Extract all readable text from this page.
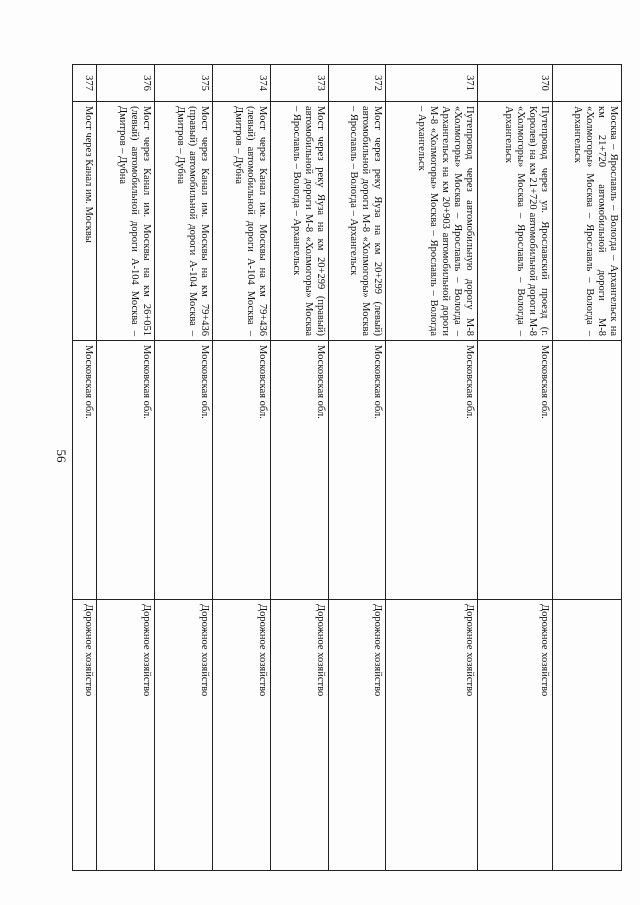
56
	Москва – Ярославль – Вологда – Архангельск на км 21+720 автомобильной дороги М-8 «Холмогоры» Москва – Ярославль – Вологда – Архангельск		
370	Путепровод через ул. Ярославский проезд (г. Королев) на км 21+720 автомобильной дороги М-8 «Холмогоры» Москва – Ярославль – Вологда – Архангельск	Московская обл.	Дорожное хозяйство
371	Путепровод через автомобильную дорогу М-8 «Холмогоры» Москва – Ярославль – Вологда – Архангельск на км 20+903 автомобильной дороги М-8 «Холмогоры» Москва – Ярославль – Вологда – Архангельск	Московская обл.	Дорожное хозяйство
372	Мост через реку Яуза на км 20+299 (левый) автомобильной дороги М-8 «Холмогоры» Москва – Ярославль – Вологда – Архангельск	Московская обл.	Дорожное хозяйство
373	Мост через реку Яуза на км 20+299 (правый) автомобильной дороги М-8 «Холмогоры» Москва – Ярославль – Вологда – Архангельск	Московская обл.	Дорожное хозяйство
374	Мост через Канал им. Москвы на км 79+436 (левый) автомобильной дороги А-104 Москва – Дмитров – Дубна	Московская обл.	Дорожное хозяйство
375	Мост через Канал им. Москвы на км 79+436 (правый) автомобильной дороги А-104 Москва – Дмитров – Дубна	Московская обл.	Дорожное хозяйство
376	Мост через Канал им. Москвы на км 26+051 (левый) автомобильной дороги А-104 Москва – Дмитров – Дубна	Московская обл.	Дорожное хозяйство
377	Мост через Канал им. Москвы	Московская обл.	Дорожное хозяйство
